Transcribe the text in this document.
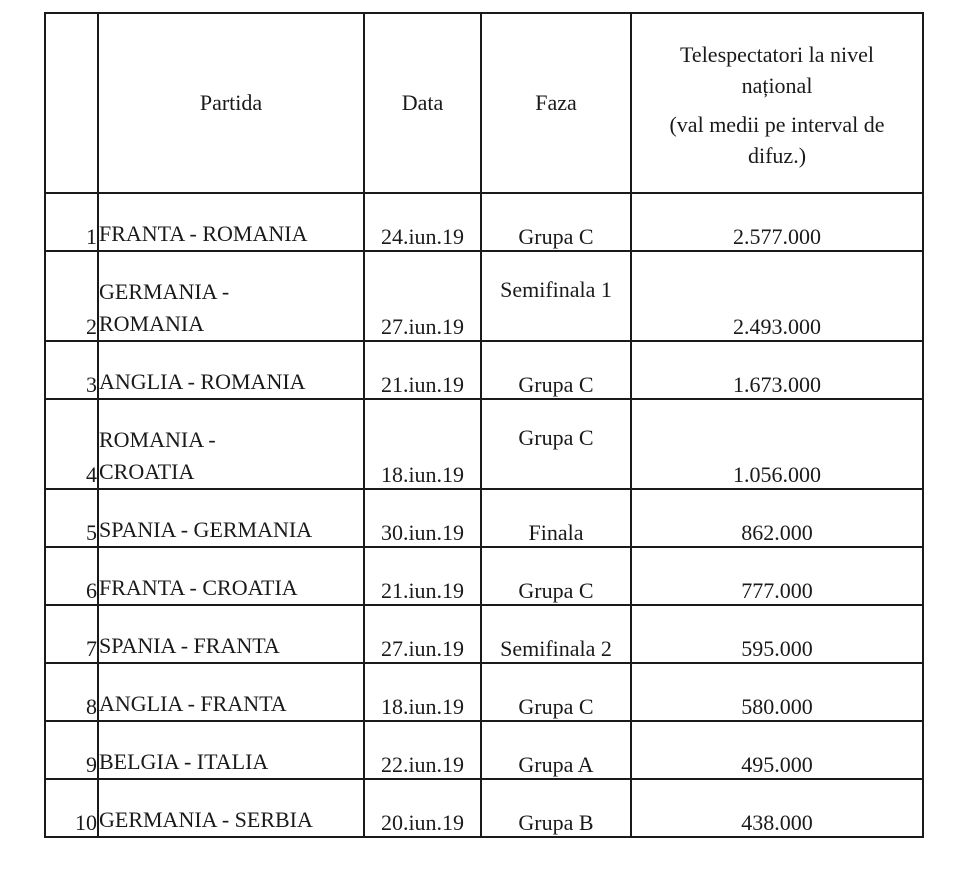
	Partida	Data	Faza	Telespectatori la nivel
național
(val medii pe interval de
difuz.)

1	FRANTA - ROMANIA	24.iun.19	Grupa C	2.577.000
2	GERMANIA -
ROMANIA	27.iun.19	Semifinala 1	2.493.000
3	ANGLIA - ROMANIA	21.iun.19	Grupa C	1.673.000
4	ROMANIA -
CROATIA	18.iun.19	Grupa C	1.056.000
5	SPANIA - GERMANIA	30.iun.19	Finala	862.000
6	FRANTA - CROATIA	21.iun.19	Grupa C	777.000
7	SPANIA - FRANTA	27.iun.19	Semifinala 2	595.000
8	ANGLIA - FRANTA	18.iun.19	Grupa C	580.000
9	BELGIA - ITALIA	22.iun.19	Grupa A	495.000
10	GERMANIA - SERBIA	20.iun.19	Grupa B	438.000
